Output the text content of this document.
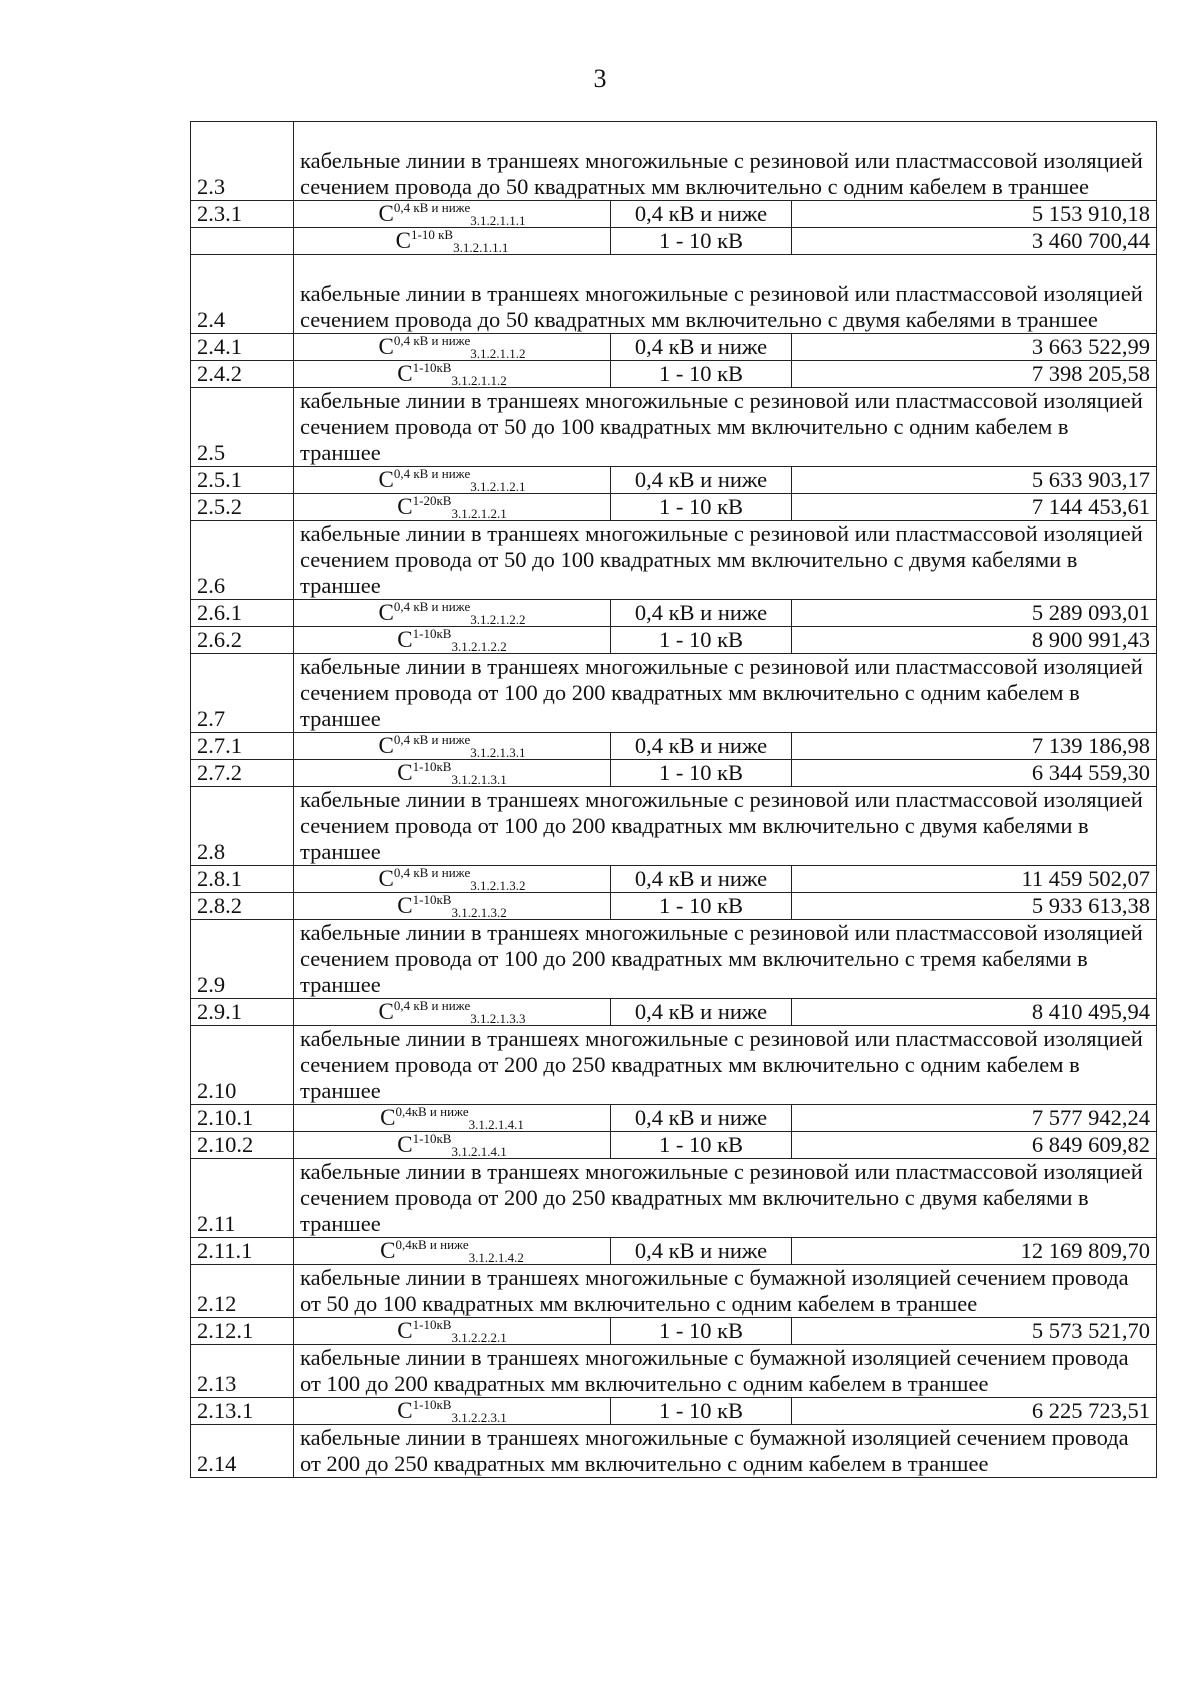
3
2.3	кабельные линии в траншеях многожильные с резиновой или пластмассовой изоляцией сечением провода до 50 квадратных мм включительно с одним кабелем в траншее		
2.3.1	$С^{0,4 кВ и ниже}_{3.1.2.1.1.1}$	0,4 кВ и ниже	5 153 910,18
	$С^{1-10 кВ}_{3.1.2.1.1.1}$	1 - 10 кВ	3 460 700,44
2.4	кабельные линии в траншеях многожильные с резиновой или пластмассовой изоляцией сечением провода до 50 квадратных мм включительно с двумя кабелями в траншее		
2.4.1	$С^{0,4 кВ и ниже}_{3.1.2.1.1.2}$	0,4 кВ и ниже	3 663 522,99
2.4.2	$С^{1-10кВ}_{3.1.2.1.1.2}$	1 - 10 кВ	7 398 205,58
2.5	кабельные линии в траншеях многожильные с резиновой или пластмассовой изоляцией сечением провода от 50 до 100 квадратных мм включительно с одним кабелем в траншее		
2.5.1	$С^{0,4 кВ и ниже}_{3.1.2.1.2.1}$	0,4 кВ и ниже	5 633 903,17
2.5.2	$С^{1-20кВ}_{3.1.2.1.2.1}$	1 - 10 кВ	7 144 453,61
2.6	кабельные линии в траншеях многожильные с резиновой или пластмассовой изоляцией сечением провода от 50 до 100 квадратных мм включительно с двумя кабелями в траншее		
2.6.1	$С^{0,4 кВ и ниже}_{3.1.2.1.2.2}$	0,4 кВ и ниже	5 289 093,01
2.6.2	$С^{1-10кВ}_{3.1.2.1.2.2}$	1 - 10 кВ	8 900 991,43
2.7	кабельные линии в траншеях многожильные с резиновой или пластмассовой изоляцией сечением провода от 100 до 200 квадратных мм включительно с одним кабелем в траншее		
2.7.1	$С^{0,4 кВ и ниже}_{3.1.2.1.3.1}$	0,4 кВ и ниже	7 139 186,98
2.7.2	$С^{1-10кВ}_{3.1.2.1.3.1}$	1 - 10 кВ	6 344 559,30
2.8	кабельные линии в траншеях многожильные с резиновой или пластмассовой изоляцией сечением провода от 100 до 200 квадратных мм включительно с двумя кабелями в траншее		
2.8.1	$С^{0,4 кВ и ниже}_{3.1.2.1.3.2}$	0,4 кВ и ниже	11 459 502,07
2.8.2	$С^{1-10кВ}_{3.1.2.1.3.2}$	1 - 10 кВ	5 933 613,38
2.9	кабельные линии в траншеях многожильные с резиновой или пластмассовой изоляцией сечением провода от 100 до 200 квадратных мм включительно с тремя кабелями в траншее		
2.9.1	$С^{0,4 кВ и ниже}_{3.1.2.1.3.3}$	0,4 кВ и ниже	8 410 495,94
2.10	кабельные линии в траншеях многожильные с резиновой или пластмассовой изоляцией сечением провода от 200 до 250 квадратных мм включительно с одним кабелем в траншее		
2.10.1	$С^{0,4кВ и ниже}_{3.1.2.1.4.1}$	0,4 кВ и ниже	7 577 942,24
2.10.2	$С^{1-10кВ}_{3.1.2.1.4.1}$	1 - 10 кВ	6 849 609,82
2.11	кабельные линии в траншеях многожильные с резиновой или пластмассовой изоляцией сечением провода от 200 до 250 квадратных мм включительно с двумя кабелями в траншее		
2.11.1	$С^{0,4кВ и ниже}_{3.1.2.1.4.2}$	0,4 кВ и ниже	12 169 809,70
2.12	кабельные линии в траншеях многожильные с бумажной изоляцией сечением провода от 50 до 100 квадратных мм включительно с одним кабелем в траншее		
2.12.1	$С^{1-10кВ}_{3.1.2.2.2.1}$	1 - 10 кВ	5 573 521,70
2.13	кабельные линии в траншеях многожильные с бумажной изоляцией сечением провода от 100 до 200 квадратных мм включительно с одним кабелем в траншее		
2.13.1	$С^{1-10кВ}_{3.1.2.2.3.1}$	1 - 10 кВ	6 225 723,51
2.14	кабельные линии в траншеях многожильные с бумажной изоляцией сечением провода от 200 до 250 квадратных мм включительно с одним кабелем в траншее		
